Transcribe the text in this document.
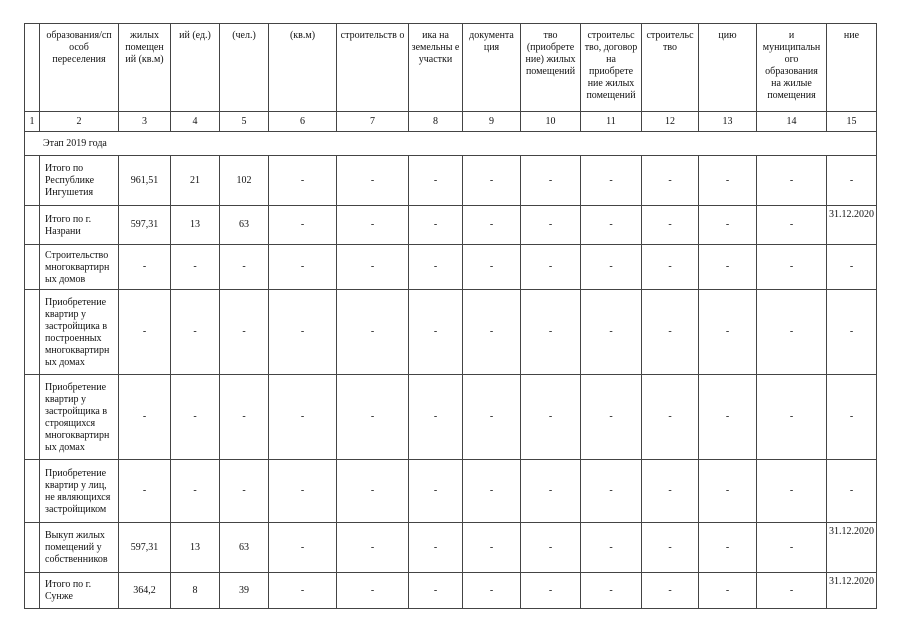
	образования/сп особ переселения	жилых помещен ий (кв.м)	ий (ед.)	(чел.)	(кв.м)	строительств о	ика на земельны е участки	документа ция	тво (приобрете ние) жилых помещений	строительс тво, договор на приобрете ние жилых помещений	строительс тво	цию	и муниципальн ого образования на жилые помещения	ние
1	2	3	4	5	6	7	8	9	10	11	12	13	14	15
Этап 2019 года														
	Итого по Республике Ингушетия	961,51	21	102	-	-	-	-	-	-	-	-	-	-
	Итого по г. Назрани	597,31	13	63	-	-	-	-	-	-	-	-	-	31.12.2020
	Строительство многоквартирных домов	-	-	-	-	-	-	-	-	-	-	-	-	-
	Приобретение квартир у застройщика в построенных многоквартирных домах	-	-	-	-	-	-	-	-	-	-	-	-	-
	Приобретение квартир у застройщика в строящихся многоквартирных домах	-	-	-	-	-	-	-	-	-	-	-	-	-
	Приобретение квартир у лиц, не являющихся застройщиком	-	-	-	-	-	-	-	-	-	-	-	-	-
	Выкуп жилых помещений у собственников	597,31	13	63	-	-	-	-	-	-	-	-	-	31.12.2020
	Итого по г. Сунже	364,2	8	39	-	-	-	-	-	-	-	-	-	31.12.2020
